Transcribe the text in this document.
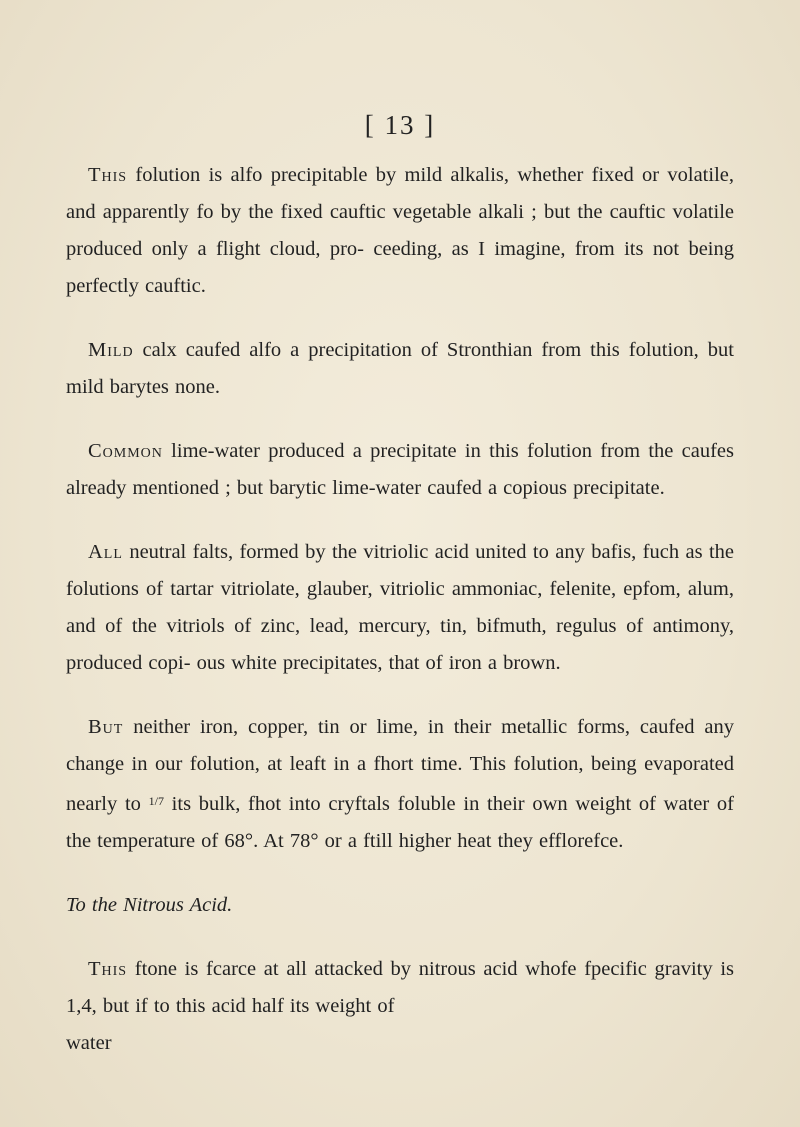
[ 13 ]

This folution is alfo precipitable by mild alkalis, whether fixed or volatile, and apparently fo by the fixed cauftic vegetable alkali ; but the cauftic volatile produced only a flight cloud, pro- ceeding, as I imagine, from its not being perfectly cauftic.

Mild calx caufed alfo a precipitation of Stronthian from this folution, but mild barytes none.

Common lime-water produced a precipitate in this folution from the caufes already mentioned ; but barytic lime-water caufed a copious precipitate.

All neutral falts, formed by the vitriolic acid united to any bafis, fuch as the folutions of tartar vitriolate, glauber, vitriolic ammoniac, felenite, epfom, alum, and of the vitriols of zinc, lead, mercury, tin, bifmuth, regulus of antimony, produced copi- ous white precipitates, that of iron a brown.

But neither iron, copper, tin or lime, in their metallic forms, caufed any change in our folution, at leaft in a fhort time. This folution, being evaporated nearly to $^{1/7}$ its bulk, fhot into cryftals foluble in their own weight of water of the temperature of 68°. At 78° or a ftill higher heat they efflorefce.

To the Nitrous Acid.

This ftone is fcarce at all attacked by nitrous acid whofe fpecific gravity is 1,4, but if to this acid half its weight of

water
